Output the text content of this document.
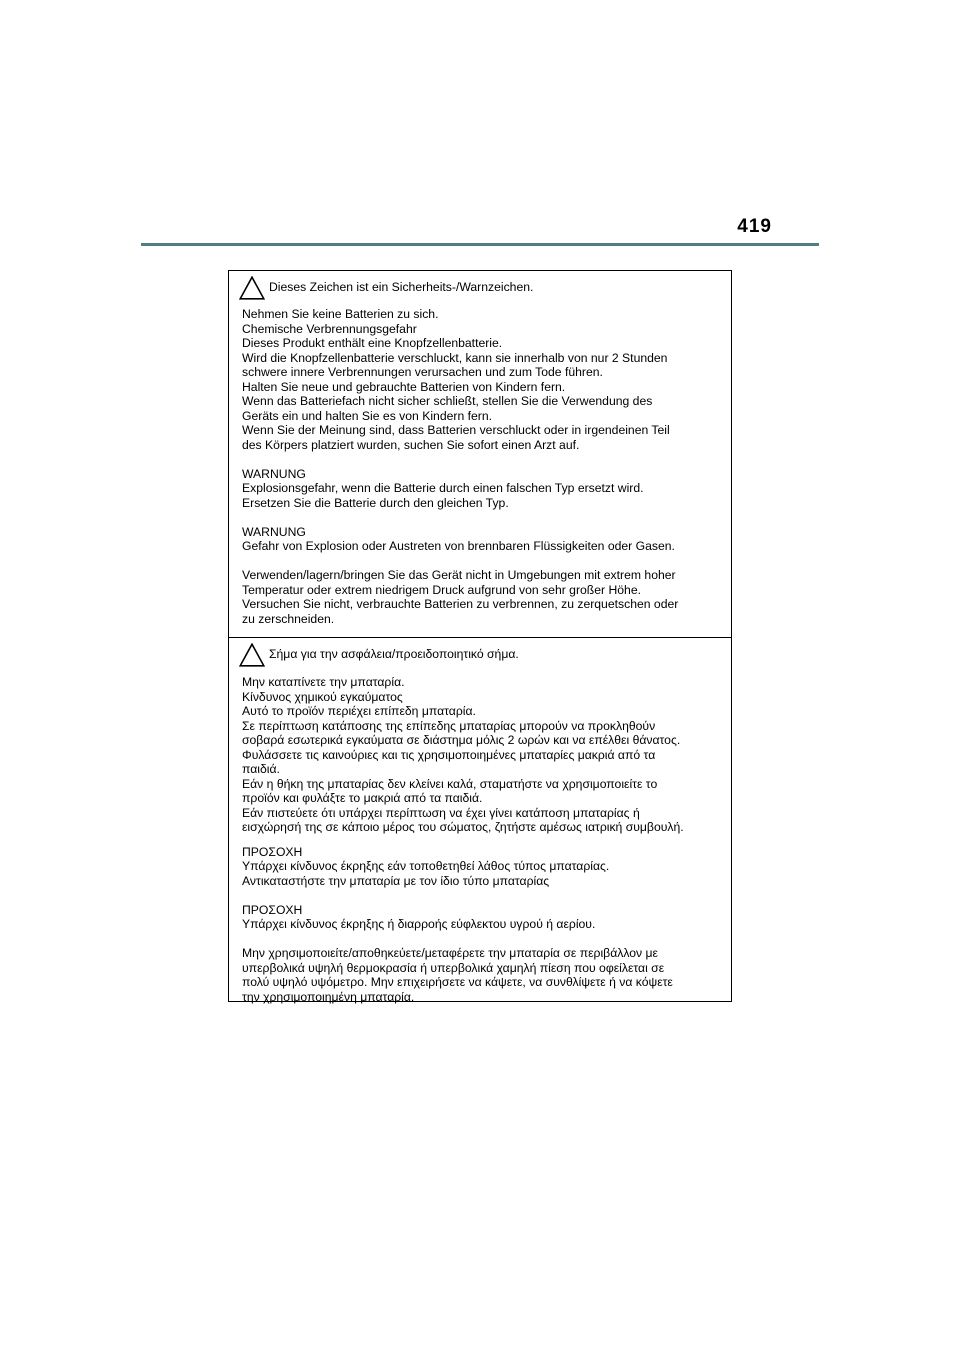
419
Dieses Zeichen ist ein Sicherheits-/Warnzeichen.
Nehmen Sie keine Batterien zu sich.
Chemische Verbrennungsgefahr
Dieses Produkt enthält eine Knopfzellenbatterie.
Wird die Knopfzellenbatterie verschluckt, kann sie innerhalb von nur 2 Stunden
schwere innere Verbrennungen verursachen und zum Tode führen.
Halten Sie neue und gebrauchte Batterien von Kindern fern.
Wenn das Batteriefach nicht sicher schließt, stellen Sie die Verwendung des
Geräts ein und halten Sie es von Kindern fern.
Wenn Sie der Meinung sind, dass Batterien verschluckt oder in irgendeinen Teil
des Körpers platziert wurden, suchen Sie sofort einen Arzt auf.
WARNUNG
Explosionsgefahr, wenn die Batterie durch einen falschen Typ ersetzt wird.
Ersetzen Sie die Batterie durch den gleichen Typ.
WARNUNG
Gefahr von Explosion oder Austreten von brennbaren Flüssigkeiten oder Gasen.
Verwenden/lagern/bringen Sie das Gerät nicht in Umgebungen mit extrem hoher
Temperatur oder extrem niedrigem Druck aufgrund von sehr großer Höhe.
Versuchen Sie nicht, verbrauchte Batterien zu verbrennen, zu zerquetschen oder
zu zerschneiden.
Σήμα για την ασφάλεια/προειδοποιητικό σήμα.
Μην καταπίνετε την μπαταρία.
Κίνδυνος χημικού εγκαύματος
Αυτό το προϊόν περιέχει επίπεδη μπαταρία.
Σε περίπτωση κατάποσης της επίπεδης μπαταρίας μπορούν να προκληθούν
σοβαρά εσωτερικά εγκαύματα σε διάστημα μόλις 2 ωρών και να επέλθει θάνατος.
Φυλάσσετε τις καινούριες και τις χρησιμοποιημένες μπαταρίες μακριά από τα
παιδιά.
Εάν η θήκη της μπαταρίας δεν κλείνει καλά, σταματήστε να χρησιμοποιείτε το
προϊόν και φυλάξτε το μακριά από τα παιδιά.
Εάν πιστεύετε ότι υπάρχει περίπτωση να έχει γίνει κατάποση μπαταρίας ή
εισχώρησή της σε κάποιο μέρος του σώματος, ζητήστε αμέσως ιατρική συμβουλή.
ΠΡΟΣΟΧΗ
Υπάρχει κίνδυνος έκρηξης εάν τοποθετηθεί λάθος τύπος μπαταρίας.
Αντικαταστήστε την μπαταρία με τον ίδιο τύπο μπαταρίας
ΠΡΟΣΟΧΗ
Υπάρχει κίνδυνος έκρηξης ή διαρροής εύφλεκτου υγρού ή αερίου.
Μην χρησιμοποιείτε/αποθηκεύετε/μεταφέρετε την μπαταρία σε περιβάλλον με
υπερβολικά υψηλή θερμοκρασία ή υπερβολικά χαμηλή πίεση που οφείλεται σε
πολύ υψηλό υψόμετρο. Μην επιχειρήσετε να κάψετε, να συνθλίψετε ή να κόψετε
την χρησιμοποιημένη μπαταρία.
